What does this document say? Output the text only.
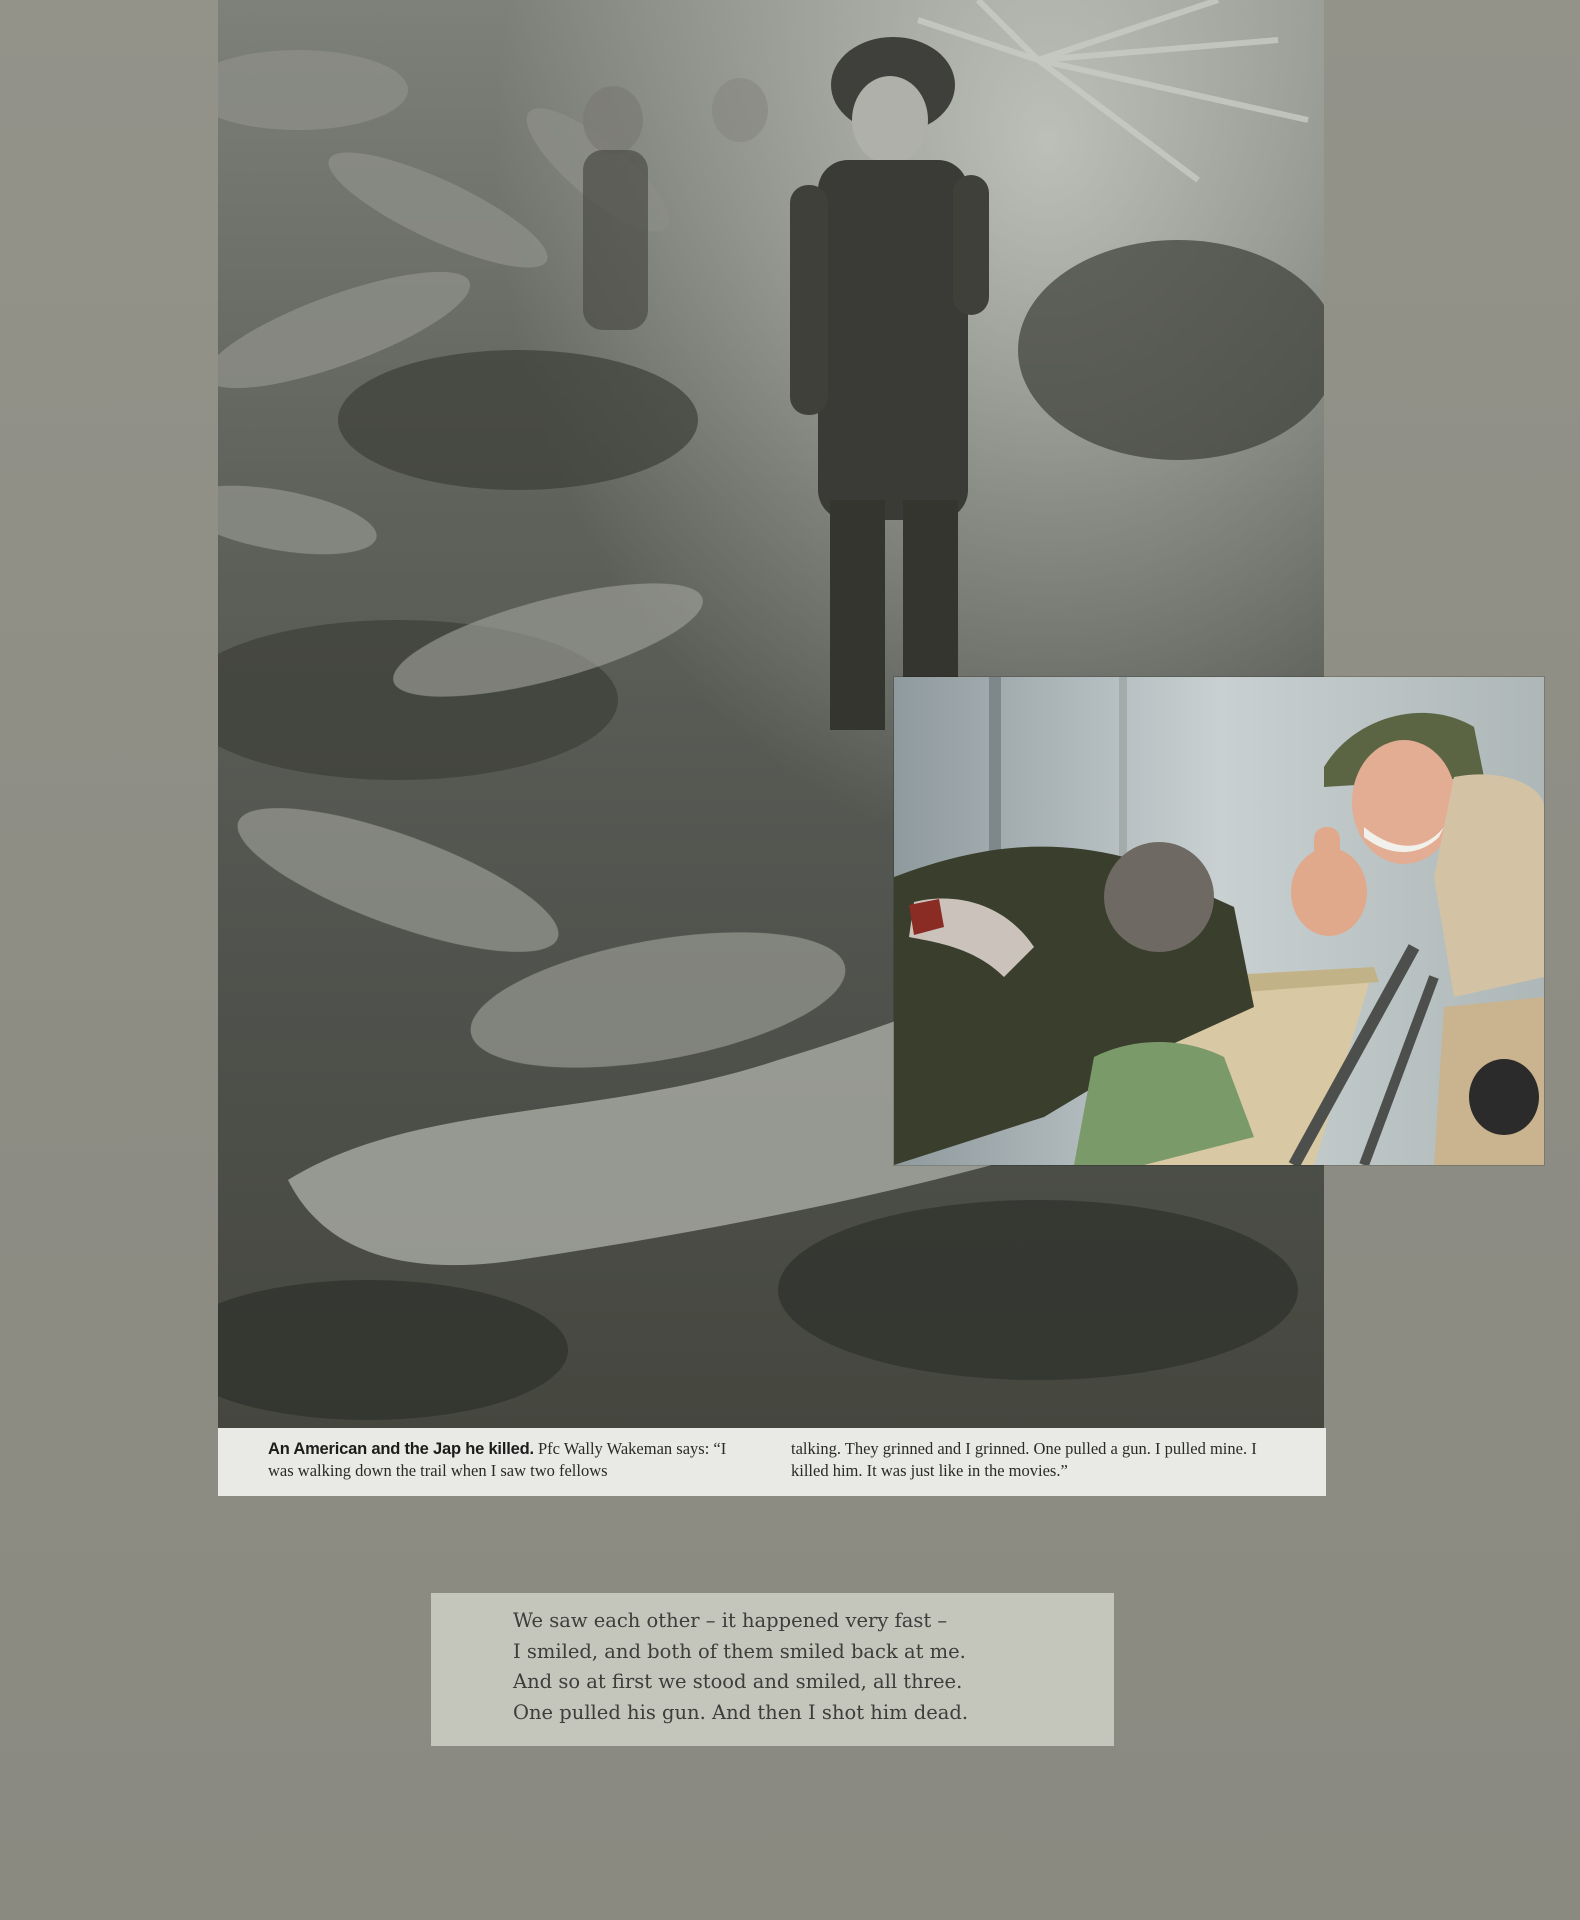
An American and the Jap he killed. Pfc Wally Wakeman says: “I was walking down the trail when I saw two fellows
talking. They grinned and I grinned. One pulled a gun. I pulled mine. I killed him. It was just like in the movies.”
We saw each other – it happened very fast –
I smiled, and both of them smiled back at me.
And so at first we stood and smiled, all three.
One pulled his gun. And then I shot him dead.
